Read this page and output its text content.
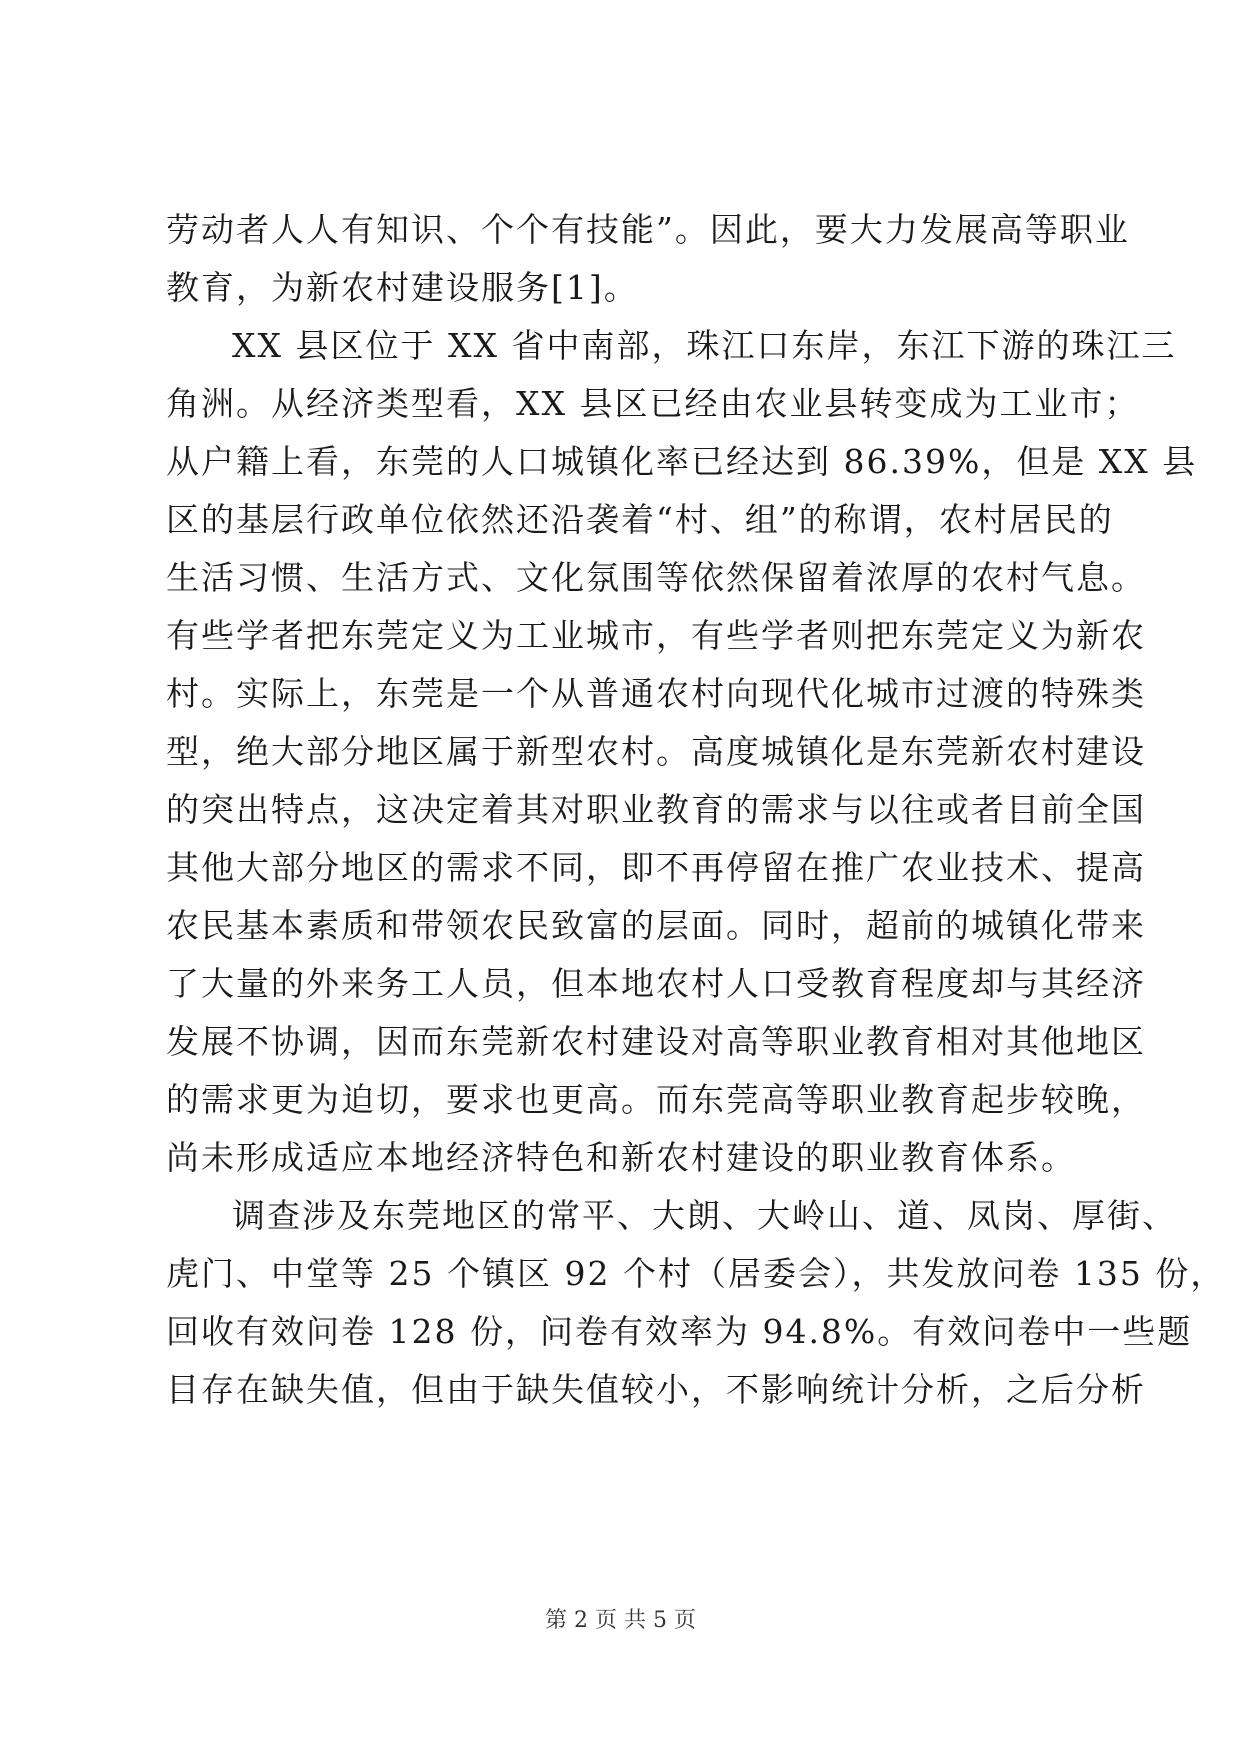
劳动者人人有知识、个个有技能”。因此，要大力发展高等职业
教育，为新农村建设服务[1]。
XX 县区位于 XX 省中南部，珠江口东岸，东江下游的珠江三
角洲。从经济类型看，XX 县区已经由农业县转变成为工业市；
从户籍上看，东莞的人口城镇化率已经达到 86.39%，但是 XX 县
区的基层行政单位依然还沿袭着“村、组”的称谓，农村居民的
生活习惯、生活方式、文化氛围等依然保留着浓厚的农村气息。
有些学者把东莞定义为工业城市，有些学者则把东莞定义为新农
村。实际上，东莞是一个从普通农村向现代化城市过渡的特殊类
型，绝大部分地区属于新型农村。高度城镇化是东莞新农村建设
的突出特点，这决定着其对职业教育的需求与以往或者目前全国
其他大部分地区的需求不同，即不再停留在推广农业技术、提高
农民基本素质和带领农民致富的层面。同时，超前的城镇化带来
了大量的外来务工人员，但本地农村人口受教育程度却与其经济
发展不协调，因而东莞新农村建设对高等职业教育相对其他地区
的需求更为迫切，要求也更高。而东莞高等职业教育起步较晚，
尚未形成适应本地经济特色和新农村建设的职业教育体系。
调查涉及东莞地区的常平、大朗、大岭山、道、凤岗、厚街、
虎门、中堂等 25 个镇区 92 个村（居委会），共发放问卷 135 份，
回收有效问卷 128 份，问卷有效率为 94.8%。有效问卷中一些题
目存在缺失值，但由于缺失值较小，不影响统计分析，之后分析
第 2 页 共 5 页
